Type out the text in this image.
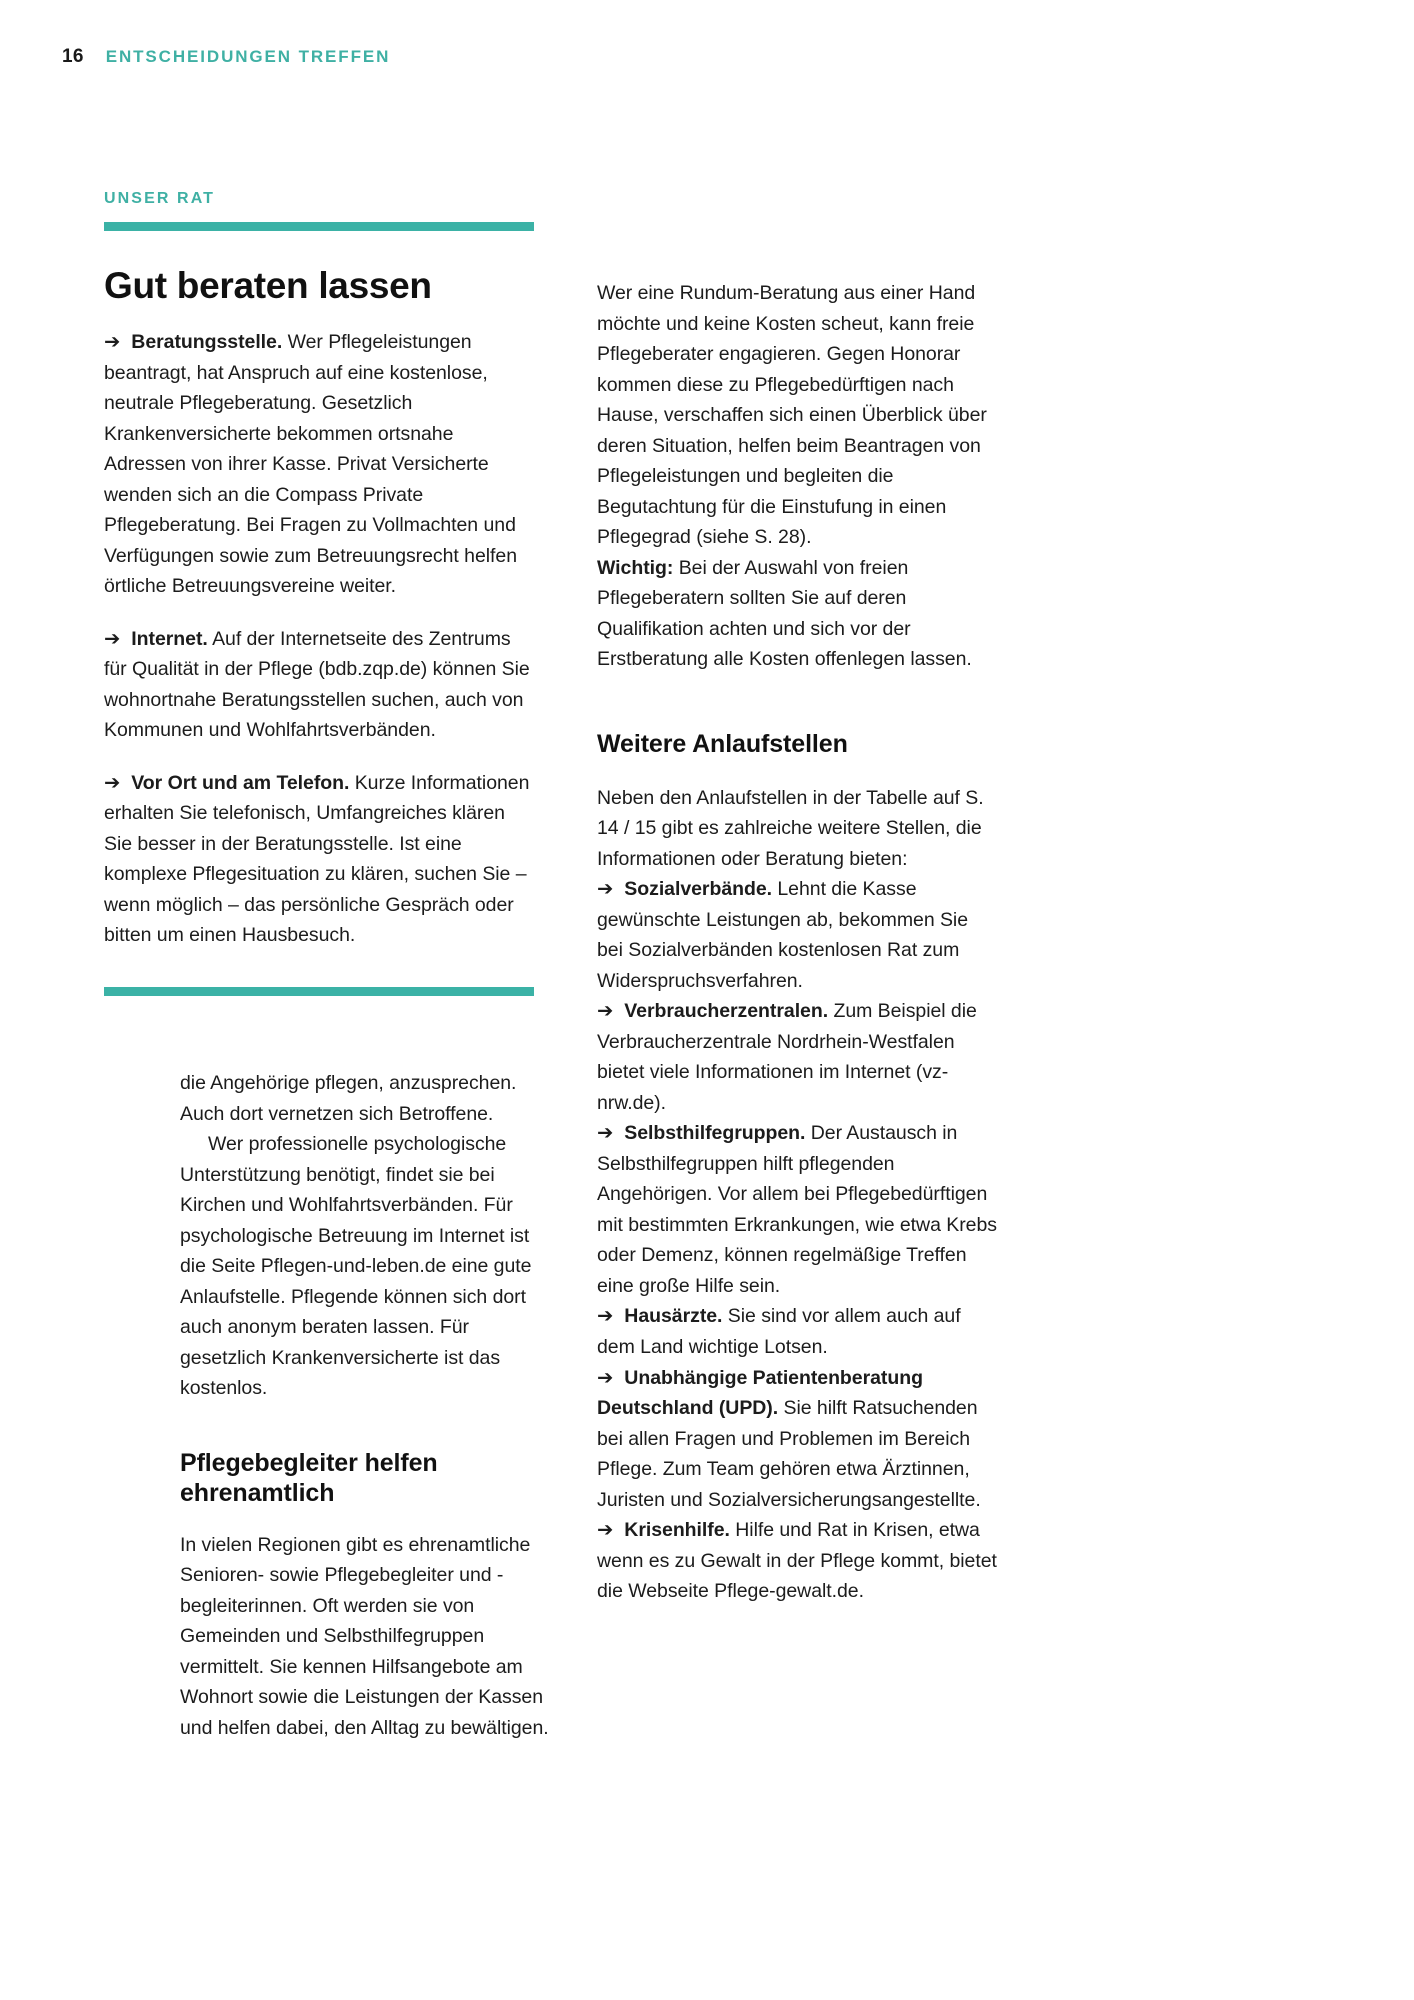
16 ENTSCHEIDUNGEN TREFFEN
UNSER RAT
Gut beraten lassen

➔ Beratungsstelle. Wer Pflegeleistungen beantragt, hat Anspruch auf eine kostenlose, neutrale Pflegeberatung. Gesetzlich Krankenversicherte bekommen ortsnahe Adressen von ihrer Kasse. Privat Versicherte wenden sich an die Compass Private Pflegeberatung. Bei Fragen zu Vollmachten und Verfügungen sowie zum Betreuungsrecht helfen örtliche Betreuungsvereine weiter.

➔ Internet. Auf der Internetseite des Zentrums für Qualität in der Pflege (bdb.zqp.de) können Sie wohnortnahe Beratungsstellen suchen, auch von Kommunen und Wohlfahrtsverbänden.

➔ Vor Ort und am Telefon. Kurze Informationen erhalten Sie telefonisch, Umfangreiches klären Sie besser in der Beratungsstelle. Ist eine komplexe Pflegesituation zu klären, suchen Sie – wenn möglich – das persönliche Gespräch oder bitten um einen Hausbesuch.

die Angehörige pflegen, anzusprechen. Auch dort vernetzen sich Betroffene.

Wer professionelle psychologische Unterstützung benötigt, findet sie bei Kirchen und Wohlfahrtsverbänden. Für psychologische Betreuung im Internet ist die Seite Pflegen-und-leben.de eine gute Anlaufstelle. Pflegende können sich dort auch anonym beraten lassen. Für gesetzlich Krankenversicherte ist das kostenlos.

Pflegebegleiter helfen ehrenamtlich

In vielen Regionen gibt es ehrenamtliche Senioren- sowie Pflegebegleiter und -begleiterinnen. Oft werden sie von Gemeinden und Selbsthilfegruppen vermittelt. Sie kennen Hilfsangebote am Wohnort sowie die Leistungen der Kassen und helfen dabei, den Alltag zu bewältigen.

Wer eine Rundum-Beratung aus einer Hand möchte und keine Kosten scheut, kann freie Pflegeberater engagieren. Gegen Honorar kommen diese zu Pflegebedürftigen nach Hause, verschaffen sich einen Überblick über deren Situation, helfen beim Beantragen von Pflegeleistungen und begleiten die Begutachtung für die Einstufung in einen Pflegegrad (siehe S. 28).

Wichtig: Bei der Auswahl von freien Pflegeberatern sollten Sie auf deren Qualifikation achten und sich vor der Erstberatung alle Kosten offenlegen lassen.

Weitere Anlaufstellen

Neben den Anlaufstellen in der Tabelle auf S. 14 / 15 gibt es zahlreiche weitere Stellen, die Informationen oder Beratung bieten:

➔ Sozialverbände. Lehnt die Kasse gewünschte Leistungen ab, bekommen Sie bei Sozialverbänden kostenlosen Rat zum Widerspruchsverfahren.

➔ Verbraucherzentralen. Zum Beispiel die Verbraucherzentrale Nordrhein-Westfalen bietet viele Informationen im Internet (vz-nrw.de).

➔ Selbsthilfegruppen. Der Austausch in Selbsthilfegruppen hilft pflegenden Angehörigen. Vor allem bei Pflegebedürftigen mit bestimmten Erkrankungen, wie etwa Krebs oder Demenz, können regelmäßige Treffen eine große Hilfe sein.

➔ Hausärzte. Sie sind vor allem auch auf dem Land wichtige Lotsen.

➔ Unabhängige Patientenberatung Deutschland (UPD). Sie hilft Ratsuchenden bei allen Fragen und Problemen im Bereich Pflege. Zum Team gehören etwa Ärztinnen, Juristen und Sozialversicherungsangestellte.

➔ Krisenhilfe. Hilfe und Rat in Krisen, etwa wenn es zu Gewalt in der Pflege kommt, bietet die Webseite Pflege-gewalt.de.
